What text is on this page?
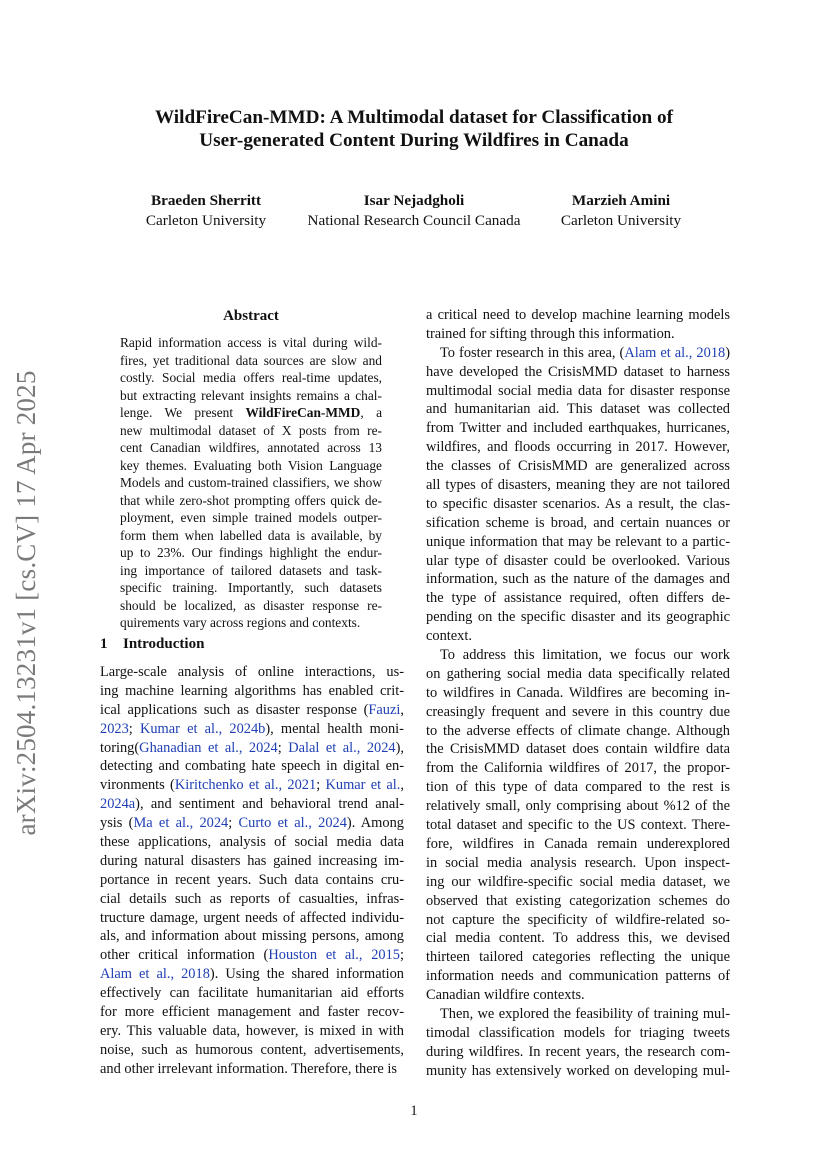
WildFireCan-MMD: A Multimodal dataset for Classification of
User-generated Content During Wildfires in Canada
Braeden Sherritt
Carleton University
Isar Nejadgholi
National Research Council Canada
Marzieh Amini
Carleton University
arXiv:2504.13231v1 [cs.CV] 17 Apr 2025
Abstract
Rapid information access is vital during wild-
fires, yet traditional data sources are slow and
costly. Social media offers real-time updates,
but extracting relevant insights remains a chal-
lenge. We present WildFireCan-MMD, a
new multimodal dataset of X posts from re-
cent Canadian wildfires, annotated across 13
key themes. Evaluating both Vision Language
Models and custom-trained classifiers, we show
that while zero-shot prompting offers quick de-
ployment, even simple trained models outper-
form them when labelled data is available, by
up to 23%. Our findings highlight the endur-
ing importance of tailored datasets and task-
specific training. Importantly, such datasets
should be localized, as disaster response re-
quirements vary across regions and contexts.
1 Introduction
Large-scale analysis of online interactions, us-
ing machine learning algorithms has enabled crit-
ical applications such as disaster response (Fauzi,
2023; Kumar et al., 2024b), mental health moni-
toring(Ghanadian et al., 2024; Dalal et al., 2024),
detecting and combating hate speech in digital en-
vironments (Kiritchenko et al., 2021; Kumar et al.,
2024a), and sentiment and behavioral trend anal-
ysis (Ma et al., 2024; Curto et al., 2024). Among
these applications, analysis of social media data
during natural disasters has gained increasing im-
portance in recent years. Such data contains cru-
cial details such as reports of casualties, infras-
tructure damage, urgent needs of affected individu-
als, and information about missing persons, among
other critical information (Houston et al., 2015;
Alam et al., 2018). Using the shared information
effectively can facilitate humanitarian aid efforts
for more efficient management and faster recov-
ery. This valuable data, however, is mixed in with
noise, such as humorous content, advertisements,
and other irrelevant information. Therefore, there is
a critical need to develop machine learning models
trained for sifting through this information.
To foster research in this area, (Alam et al., 2018)
have developed the CrisisMMD dataset to harness
multimodal social media data for disaster response
and humanitarian aid. This dataset was collected
from Twitter and included earthquakes, hurricanes,
wildfires, and floods occurring in 2017. However,
the classes of CrisisMMD are generalized across
all types of disasters, meaning they are not tailored
to specific disaster scenarios. As a result, the clas-
sification scheme is broad, and certain nuances or
unique information that may be relevant to a partic-
ular type of disaster could be overlooked. Various
information, such as the nature of the damages and
the type of assistance required, often differs de-
pending on the specific disaster and its geographic
context.
To address this limitation, we focus our work
on gathering social media data specifically related
to wildfires in Canada. Wildfires are becoming in-
creasingly frequent and severe in this country due
to the adverse effects of climate change. Although
the CrisisMMD dataset does contain wildfire data
from the California wildfires of 2017, the propor-
tion of this type of data compared to the rest is
relatively small, only comprising about %12 of the
total dataset and specific to the US context. There-
fore, wildfires in Canada remain underexplored
in social media analysis research. Upon inspect-
ing our wildfire-specific social media dataset, we
observed that existing categorization schemes do
not capture the specificity of wildfire-related so-
cial media content. To address this, we devised
thirteen tailored categories reflecting the unique
information needs and communication patterns of
Canadian wildfire contexts.
Then, we explored the feasibility of training mul-
timodal classification models for triaging tweets
during wildfires. In recent years, the research com-
munity has extensively worked on developing mul-
1
